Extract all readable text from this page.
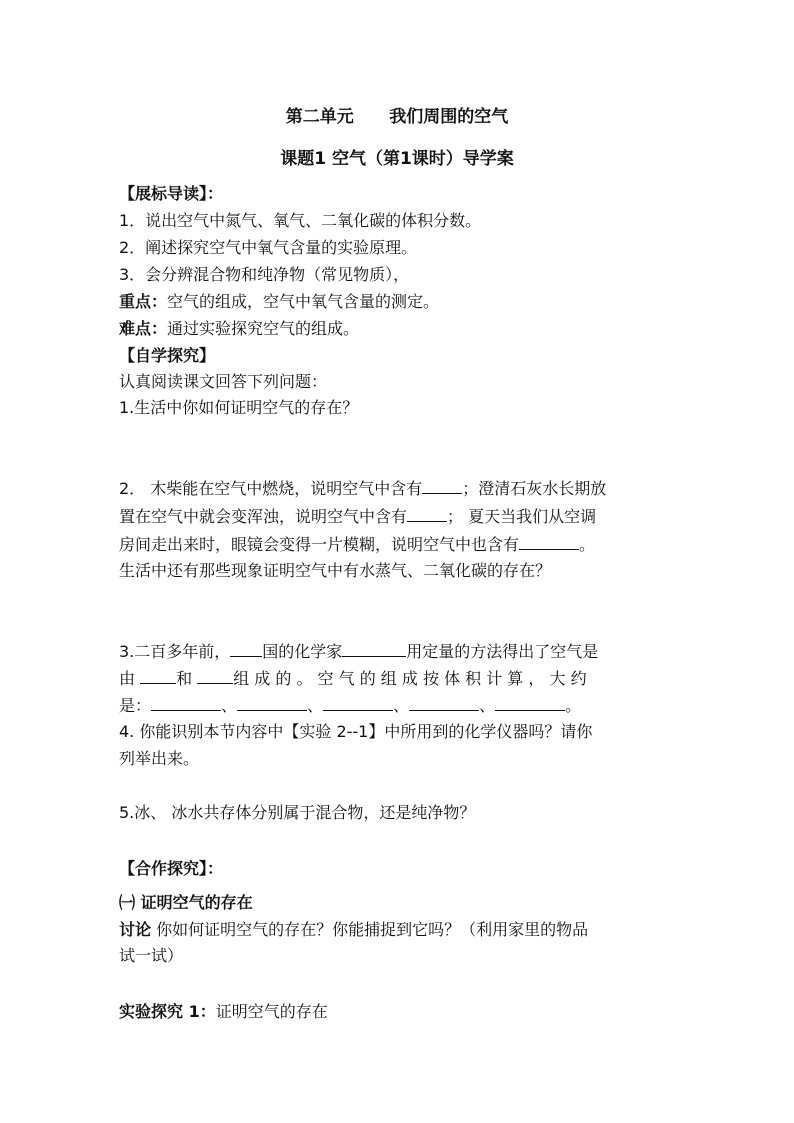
第二单元      我们周围的空气
课题1 空气（第1课时）导学案
【展标导读】：
1．说出空气中氮气、氧气、二氧化碳的体积分数。
2．阐述探究空气中氧气含量的实验原理。
3．会分辨混合物和纯净物（常见物质），
重点：空气的组成，空气中氧气含量的测定。
难点：通过实验探究空气的组成。
【自学探究】
认真阅读课文回答下列问题：
1.生活中你如何证明空气的存在？
2． 木柴能在空气中燃烧，说明空气中含有	；澄清石灰水长期放
置在空气中就会变浑浊，说明空气中含有	； 夏天当我们从空调
房间走出来时，眼镜会变得一片模糊，说明空气中也含有	。
生活中还有那些现象证明空气中有水蒸气、二氧化碳的存在？
3.二百多年前， 国的化学家	用定量的方法得出了空气是
由 和 组 成 的 。 空 气 的 组 成 按 体 积 计 算 ， 大 约
是：	、	、	、	、	。
4. 你能识别本节内容中【实验 2--1】中所用到的化学仪器吗？请你
列举出来。
5.冰、 冰水共存体分别属于混合物，还是纯净物？
【合作探究】：
㈠ 证明空气的存在
讨论 你如何证明空气的存在？你能捕捉到它吗？（利用家里的物品
试一试）
实验探究 1：证明空气的存在
